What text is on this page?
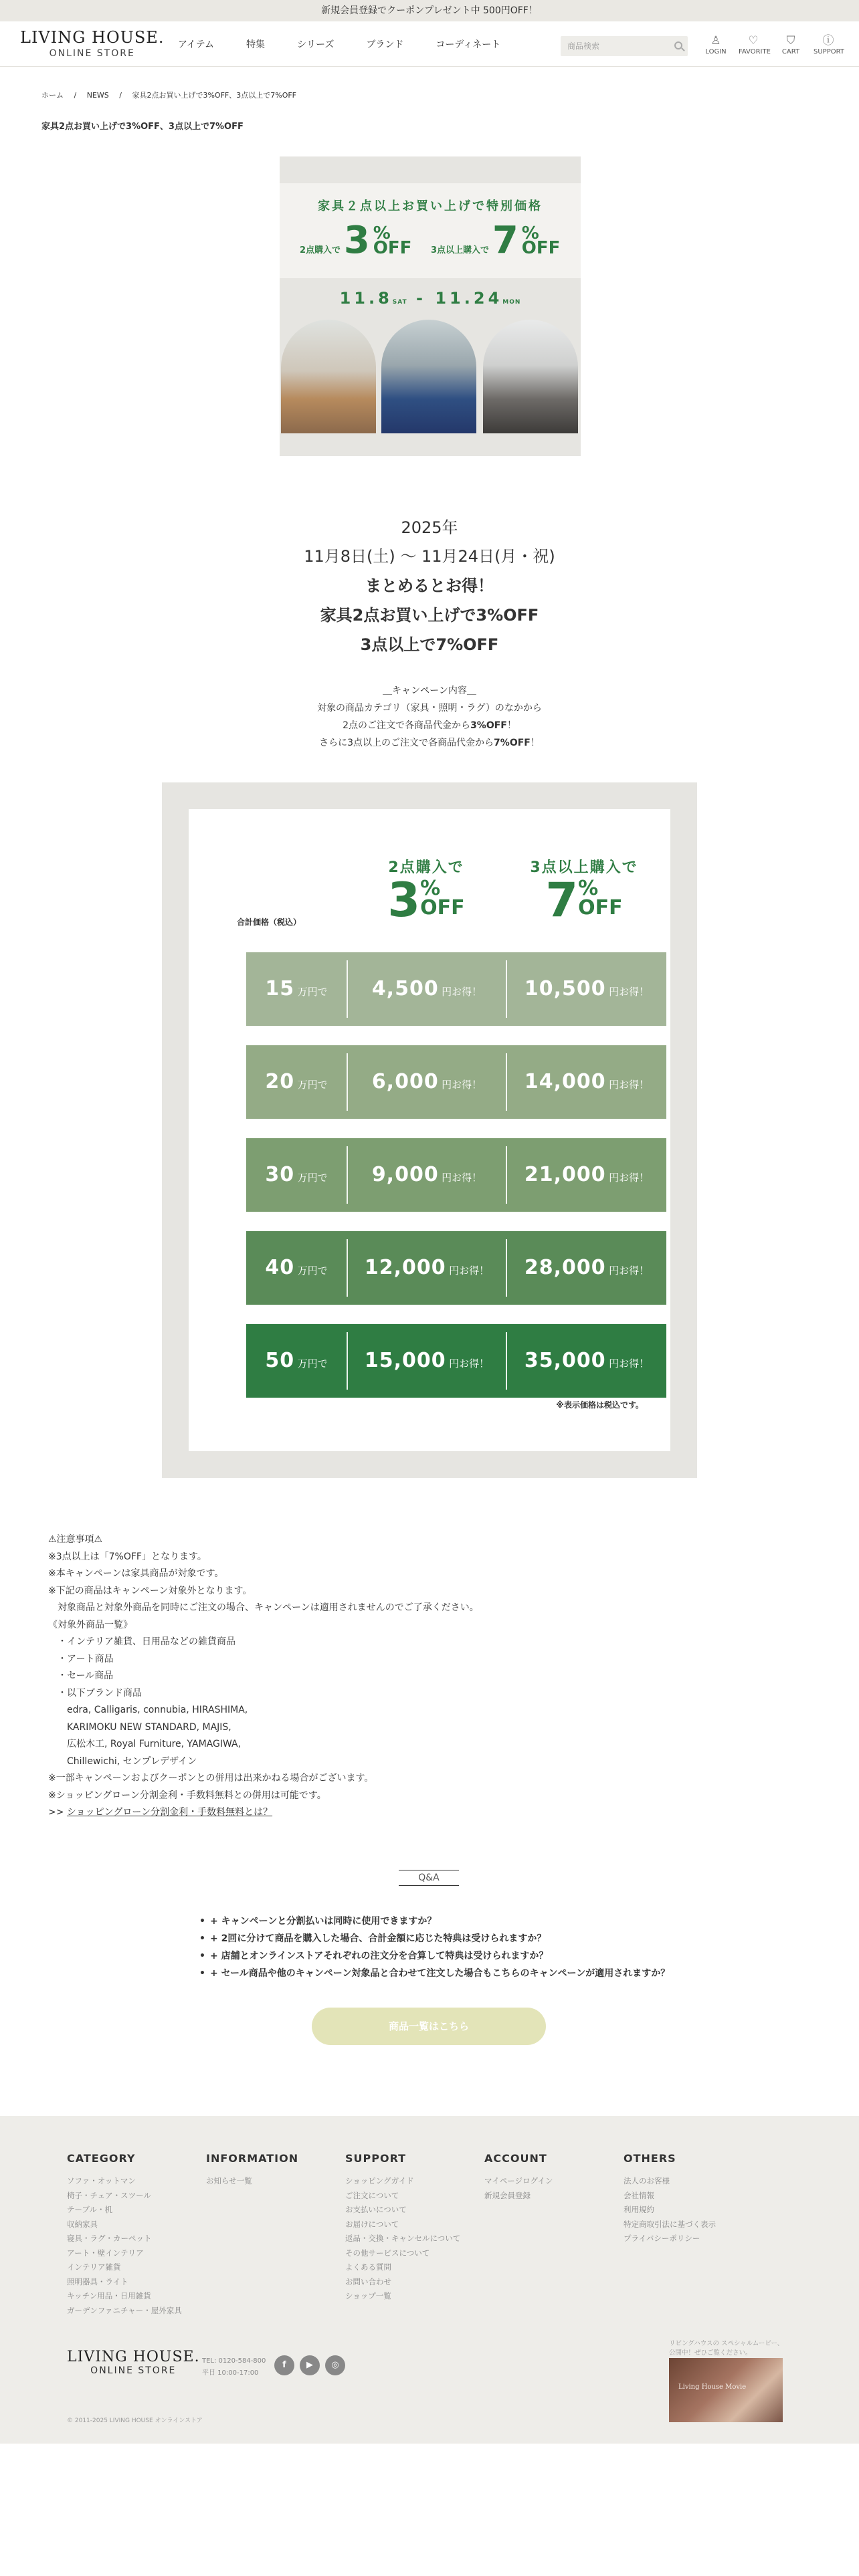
新規会員登録でクーポンプレゼント中 500円OFF！
LIVING HOUSE.
ONLINE STORE
アイテム	特集	シリーズ	ブランド	コーディネート	商品検索	♙
LOGIN
♡
FAVORITE
⛉
CART
ⓘ
SUPPORT
ホーム / NEWS / 家具2点お買い上げで3%OFF、3点以上で7%OFF
家具2点お買い上げで3%OFF、3点以上で7%OFF
家具２点以上お買い上げで特別価格
2点購入で 3 %
OFF 3点以上購入で 7 %
OFF
11.8SAT - 11.24MON
2025年
11月8日(土) 〜 11月24日(月・祝)
まとめるとお得！
家具2点お買い上げで3%OFF
3点以上で7%OFF
＿キャンペーン内容＿
対象の商品カテゴリ（家具・照明・ラグ）のなかから
2点のご注文で各商品代金から3%OFF！
さらに3点以上のご注文で各商品代金から7%OFF！
2点購入で
3%
OFF
3点以上購入で
7%
OFF
合計価格（税込）
15 万円で	4,500 円お得！	10,500 円お得！
20 万円で	6,000 円お得！	14,000 円お得！
30 万円で	9,000 円お得！	21,000 円お得！
40 万円で	12,000 円お得！	28,000 円お得！
50 万円で	15,000 円お得！	35,000 円お得！
※表示価格は税込です。
⚠注意事項⚠
※3点以上は「7%OFF」となります。
※本キャンペーンは家具商品が対象です。
※下記の商品はキャンペーン対象外となります。
　対象商品と対象外商品を同時にご注文の場合、キャンペーンは適用されませんのでご了承ください。
《対象外商品一覧》
　・インテリア雑貨、日用品などの雑貨商品
　・アート商品
　・セール商品
　・以下ブランド商品
　　edra, Calligaris, connubia, HIRASHIMA,
　　KARIMOKU NEW STANDARD, MAJIS,
　　広松木工, Royal Furniture, YAMAGIWA,
　　Chillewichi, センプレデザイン
※一部キャンペーンおよびクーポンとの併用は出来かねる場合がございます。
※ショッピングローン分割金利・手数料無料との併用は可能です。
>> ショッピングローン分割金利・手数料無料とは？
Q&A
• + キャンペーンと分割払いは同時に使用できますか？
• + 2回に分けて商品を購入した場合、合計金額に応じた特典は受けられますか？
• + 店舗とオンラインストアそれぞれの注文分を合算して特典は受けられますか？
• + セール商品や他のキャンペーン対象品と合わせて注文した場合もこちらのキャンペーンが適用されますか？
商品一覧はこちら
CATEGORY
ソファ・オットマン
椅子・チェア・スツール
テーブル・机
収納家具
寝具・ラグ・カーペット
アート・壁インテリア
インテリア雑貨
照明器具・ライト
キッチン用品・日用雑貨
ガーデンファニチャー・屋外家具
INFORMATION
お知らせ一覧
SUPPORT
ショッピングガイド
ご注文について
お支払いについて
お届けについて
返品・交換・キャンセルについて
その他サービスについて
よくある質問
お問い合わせ
ショップ一覧
ACCOUNT
マイページログイン
新規会員登録
OTHERS
法人のお客様
会社情報
利用規約
特定商取引法に基づく表示
プライバシーポリシー
LIVING HOUSE.
ONLINE STORE
TEL: 0120-584-800
平日 10:00-17:00
f	▶	◎
リビングハウスの スペシャルムービー、
公開中！ぜひご覧ください。
Living House Movie
© 2011-2025 LIVING HOUSE オンラインストア
